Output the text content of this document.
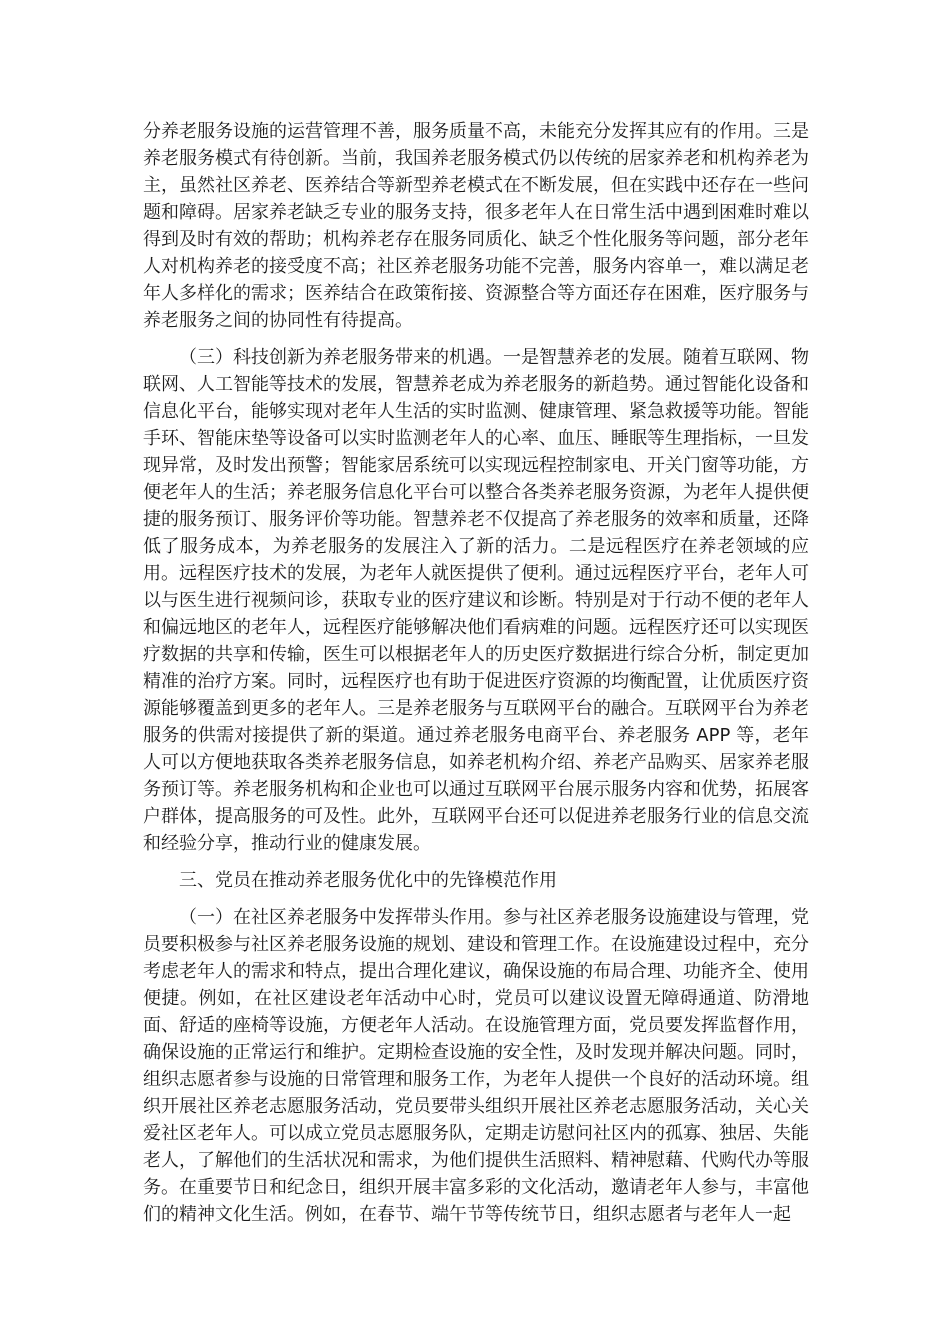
分养老服务设施的运营管理不善，服务质量不高，未能充分发挥其应有的作用。三是养老服务模式有待创新。当前，我国养老服务模式仍以传统的居家养老和机构养老为主，虽然社区养老、医养结合等新型养老模式在不断发展，但在实践中还存在一些问题和障碍。居家养老缺乏专业的服务支持，很多老年人在日常生活中遇到困难时难以得到及时有效的帮助；机构养老存在服务同质化、缺乏个性化服务等问题，部分老年人对机构养老的接受度不高；社区养老服务功能不完善，服务内容单一，难以满足老年人多样化的需求；医养结合在政策衔接、资源整合等方面还存在困难，医疗服务与养老服务之间的协同性有待提高。

（三）科技创新为养老服务带来的机遇。一是智慧养老的发展。随着互联网、物联网、人工智能等技术的发展，智慧养老成为养老服务的新趋势。通过智能化设备和信息化平台，能够实现对老年人生活的实时监测、健康管理、紧急救援等功能。智能手环、智能床垫等设备可以实时监测老年人的心率、血压、睡眠等生理指标，一旦发现异常，及时发出预警；智能家居系统可以实现远程控制家电、开关门窗等功能，方便老年人的生活；养老服务信息化平台可以整合各类养老服务资源，为老年人提供便捷的服务预订、服务评价等功能。智慧养老不仅提高了养老服务的效率和质量，还降低了服务成本，为养老服务的发展注入了新的活力。二是远程医疗在养老领域的应用。远程医疗技术的发展，为老年人就医提供了便利。通过远程医疗平台，老年人可以与医生进行视频问诊，获取专业的医疗建议和诊断。特别是对于行动不便的老年人和偏远地区的老年人，远程医疗能够解决他们看病难的问题。远程医疗还可以实现医疗数据的共享和传输，医生可以根据老年人的历史医疗数据进行综合分析，制定更加精准的治疗方案。同时，远程医疗也有助于促进医疗资源的均衡配置，让优质医疗资源能够覆盖到更多的老年人。三是养老服务与互联网平台的融合。互联网平台为养老服务的供需对接提供了新的渠道。通过养老服务电商平台、养老服务 APP 等，老年人可以方便地获取各类养老服务信息，如养老机构介绍、养老产品购买、居家养老服务预订等。养老服务机构和企业也可以通过互联网平台展示服务内容和优势，拓展客户群体，提高服务的可及性。此外，互联网平台还可以促进养老服务行业的信息交流和经验分享，推动行业的健康发展。

三、党员在推动养老服务优化中的先锋模范作用

（一）在社区养老服务中发挥带头作用。参与社区养老服务设施建设与管理，党员要积极参与社区养老服务设施的规划、建设和管理工作。在设施建设过程中，充分考虑老年人的需求和特点，提出合理化建议，确保设施的布局合理、功能齐全、使用便捷。例如，在社区建设老年活动中心时，党员可以建议设置无障碍通道、防滑地面、舒适的座椅等设施，方便老年人活动。在设施管理方面，党员要发挥监督作用，确保设施的正常运行和维护。定期检查设施的安全性，及时发现并解决问题。同时，组织志愿者参与设施的日常管理和服务工作，为老年人提供一个良好的活动环境。组织开展社区养老志愿服务活动，党员要带头组织开展社区养老志愿服务活动，关心关爱社区老年人。可以成立党员志愿服务队，定期走访慰问社区内的孤寡、独居、失能老人，了解他们的生活状况和需求，为他们提供生活照料、精神慰藉、代购代办等服务。在重要节日和纪念日，组织开展丰富多彩的文化活动，邀请老年人参与，丰富他们的精神文化生活。例如，在春节、端午节等传统节日，组织志愿者与老年人一起
